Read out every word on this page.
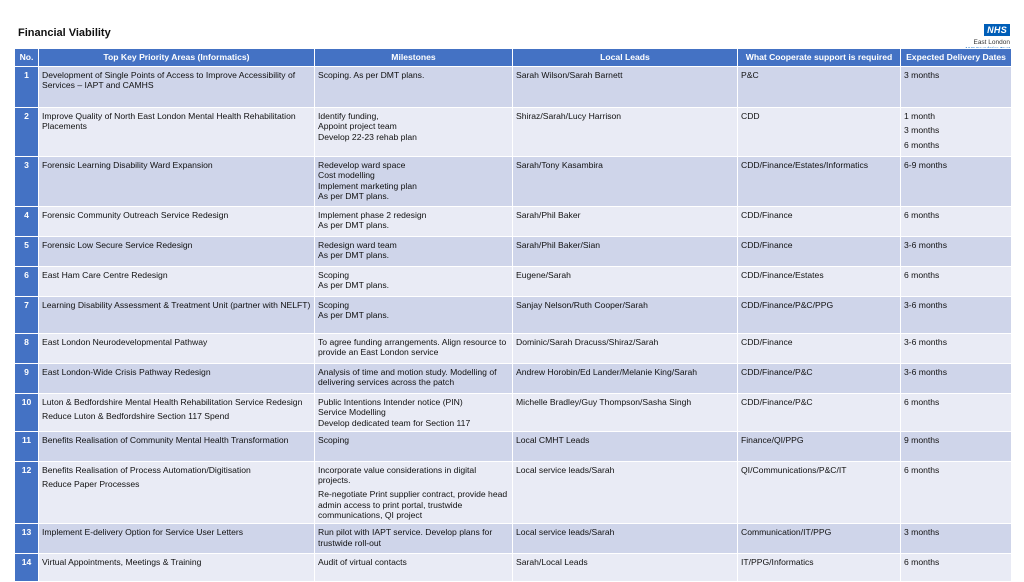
Financial Viability	NHS
East London
No.	Top Key Priority Areas (Informatics)	Milestones	Local Leads	What Cooperate support is required	Expected Delivery Dates
1	Development of Single Points of Access to Improve Accessibility of Services – IAPT and CAMHS	Scoping. As per DMT plans.	Sarah Wilson/Sarah Barnett	P&C	3 months

2	Improve Quality of North East London Mental Health Rehabilitation Placements	Identify funding,
Appoint project team
Develop 22-23 rehab plan	Shiraz/Sarah/Lucy Harrison	CDD	1 month
3 months
6 months

3	Forensic Learning Disability Ward Expansion	Redevelop ward space
Cost modelling
Implement marketing plan
As per DMT plans.	Sarah/Tony Kasambira	CDD/Finance/Estates/Informatics	6-9 months

4	Forensic Community Outreach Service Redesign	Implement phase 2 redesign
As per DMT plans.	Sarah/Phil Baker	CDD/Finance	6 months

5	Forensic Low Secure Service Redesign	Redesign ward team
As per DMT plans.	Sarah/Phil Baker/Sian	CDD/Finance	3-6 months

6	East Ham Care Centre Redesign	Scoping
As per DMT plans.	Eugene/Sarah	CDD/Finance/Estates	6 months

7	Learning Disability Assessment & Treatment Unit (partner with NELFT)	Scoping
As per DMT plans.	Sanjay Nelson/Ruth Cooper/Sarah	CDD/Finance/P&C/PPG	3-6 months

8	East London Neurodevelopmental Pathway	To agree funding arrangements. Align resource to provide an East London service	Dominic/Sarah Dracuss/Shiraz/Sarah	CDD/Finance	3-6 months

9	East London-Wide Crisis Pathway Redesign	Analysis of time and motion study. Modelling of delivering services across the patch	Andrew Horobin/Ed Lander/Melanie King/Sarah	CDD/Finance/P&C	3-6 months

10	Luton & Bedfordshire Mental Health Rehabilitation Service Redesign
Reduce Luton & Bedfordshire Section 117 Spend	Public Intentions Intender notice (PIN)
Service Modelling
Develop dedicated team for Section 117	Michelle Bradley/Guy Thompson/Sasha Singh	CDD/Finance/P&C	6 months

11	Benefits Realisation of Community Mental Health Transformation	Scoping	Local CMHT Leads	Finance/QI/PPG	9 months

12	Benefits Realisation of Process Automation/Digitisation
Reduce Paper Processes	Incorporate value considerations in digital projects.
Re-negotiate Print supplier contract, provide head admin access to print portal, trustwide communications, QI project	Local service leads/Sarah	QI/Communications/P&C/IT	6 months

13	Implement E-delivery Option for Service User Letters	Run pilot with IAPT service. Develop plans for trustwide roll-out	Local service leads/Sarah	Communication/IT/PPG	3 months

14	Virtual Appointments, Meetings & Training	Audit of virtual contacts	Sarah/Local Leads	IT/PPG/Informatics	6 months
